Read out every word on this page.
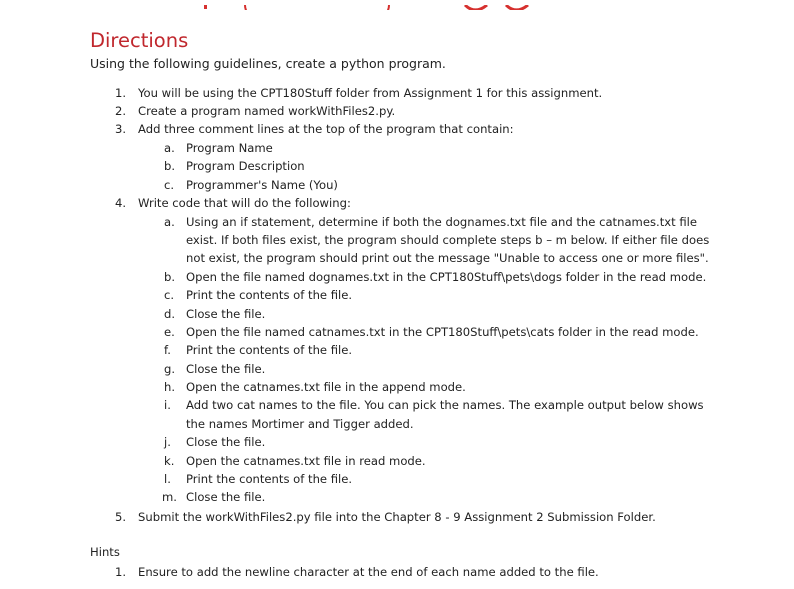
Directions
Using the following guidelines, create a python program.
1. You will be using the CPT180Stuff folder from Assignment 1 for this assignment.
2. Create a program named workWithFiles2.py.
3. Add three comment lines at the top of the program that contain:
a. Program Name
b. Program Description
c.	Programmer's Name (You)
4. Write code that will do the following:
a. Using an if statement, determine if both the dognames.txt file and the catnames.txt file
exist. If both files exist, the program should complete steps b – m below. If either file does
not exist, the program should print out the message "Unable to access one or more files".
b. Open the file named dognames.txt in the CPT180Stuff\pets\dogs folder in the read mode.
c.	Print the contents of the file.
d. Close the file.
e. Open the file named catnames.txt in the CPT180Stuff\pets\cats folder in the read mode.
f.	Print the contents of the file.
g. Close the file.
h. Open the catnames.txt file in the append mode.
i.	Add two cat names to the file. You can pick the names. The example output below shows
the names Mortimer and Tigger added.
j.	Close the file.
k. Open the catnames.txt file in read mode.
l.	Print the contents of the file.
m. Close the file.
5. Submit the workWithFiles2.py file into the Chapter 8 - 9 Assignment 2 Submission Folder.
Hints
1. Ensure to add the newline character at the end of each name added to the file.
